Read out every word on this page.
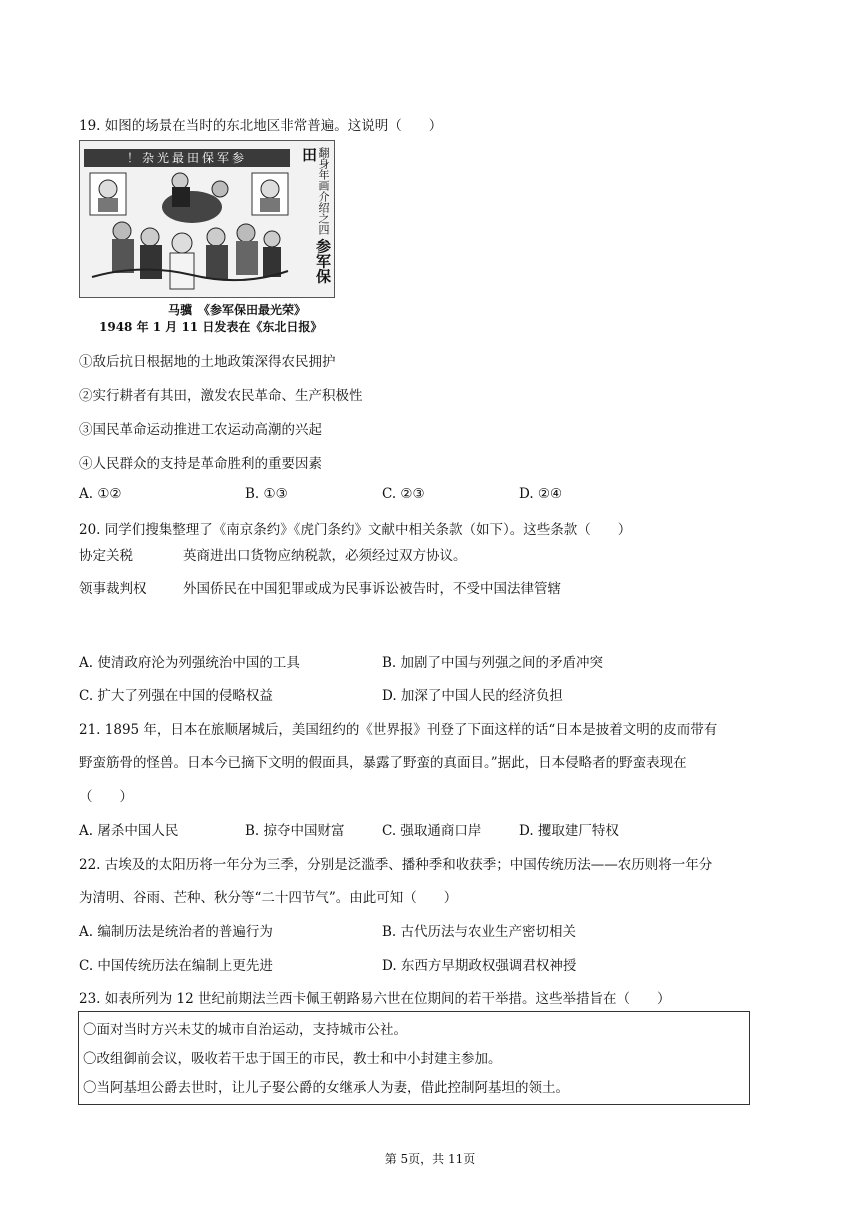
19. 如图的场景在当时的东北地区非常普遍。这说明（　　）
！杂光最田保军参	翻身年画介绍之四 参军保田
马骥　《参军保田最光荣》
1948 年 1 月 11 日发表在《东北日报》
①敌后抗日根据地的土地政策深得农民拥护
②实行耕者有其田，激发农民革命、生产积极性
③国民革命运动推进工农运动高潮的兴起
④人民群众的支持是革命胜利的重要因素
A. ①②	B. ①③	C. ②③	D. ②④
20. 同学们搜集整理了《南京条约》《虎门条约》文献中相关条款（如下）。这些条款（　　）
协定关税	英商进出口货物应纳税款，必须经过双方协议。
领事裁判权	外国侨民在中国犯罪或成为民事诉讼被告时，不受中国法律管辖
A. 使清政府沦为列强统治中国的工具	B. 加剧了中国与列强之间的矛盾冲突
C. 扩大了列强在中国的侵略权益	D. 加深了中国人民的经济负担
21. 1895 年，日本在旅顺屠城后，美国纽约的《世界报》刊登了下面这样的话“日本是披着文明的皮而带有
野蛮筋骨的怪兽。日本今已摘下文明的假面具，暴露了野蛮的真面目。”据此，日本侵略者的野蛮表现在
（　　）
A. 屠杀中国人民	B. 掠夺中国财富	C. 强取通商口岸	D. 攫取建厂特权
22. 古埃及的太阳历将一年分为三季，分别是泛滥季、播种季和收获季；中国传统历法——农历则将一年分
为清明、谷雨、芒种、秋分等“二十四节气”。由此可知（　　）
A. 编制历法是统治者的普遍行为	B. 古代历法与农业生产密切相关
C. 中国传统历法在编制上更先进	D. 东西方早期政权强调君权神授
23. 如表所列为 12 世纪前期法兰西卡佩王朝路易六世在位期间的若干举措。这些举措旨在（　　）
〇面对当时方兴未艾的城市自治运动，支持城市公社。
〇改组御前会议，吸收若干忠于国王的市民，教士和中小封建主参加。
〇当阿基坦公爵去世时，让儿子娶公爵的女继承人为妻，借此控制阿基坦的领土。
第 5页，共 11页
